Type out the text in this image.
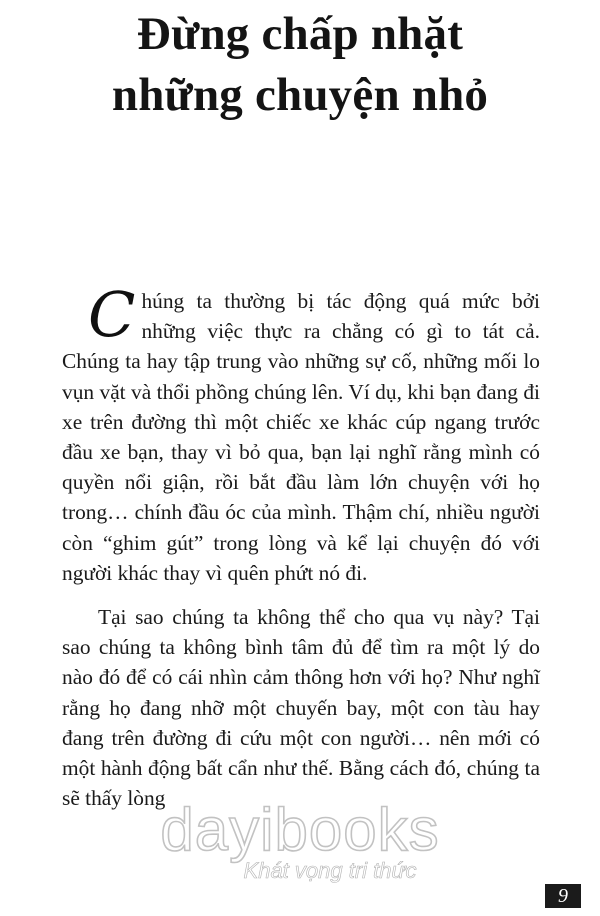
Đừng chấp nhặt
những chuyện nhỏ

Chúng ta thường bị tác động quá mức bởi những việc thực ra chẳng có gì to tát cả. Chúng ta hay tập trung vào những sự cố, những mối lo vụn vặt và thổi phồng chúng lên. Ví dụ, khi bạn đang đi xe trên đường thì một chiếc xe khác cúp ngang trước đầu xe bạn, thay vì bỏ qua, bạn lại nghĩ rằng mình có quyền nổi giận, rồi bắt đầu làm lớn chuyện với họ trong… chính đầu óc của mình. Thậm chí, nhiều người còn “ghim gút” trong lòng và kể lại chuyện đó với người khác thay vì quên phứt nó đi.

Tại sao chúng ta không thể cho qua vụ này? Tại sao chúng ta không bình tâm đủ để tìm ra một lý do nào đó để có cái nhìn cảm thông hơn với họ? Như nghĩ rằng họ đang nhỡ một chuyến bay, một con tàu hay đang trên đường đi cứu một con người… nên mới có một hành động bất cẩn như thế. Bằng cách đó, chúng ta sẽ thấy lòng

dayibooks
Khát vọng tri thức
9
